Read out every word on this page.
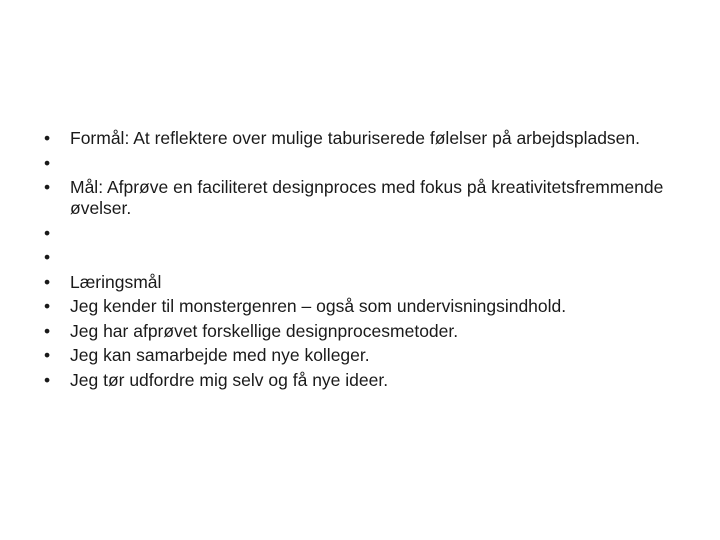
•	Formål: At reflektere over mulige taburiserede følelser på arbejdspladsen.
•
•	Mål: Afprøve en faciliteret designproces med fokus på kreativitetsfremmende øvelser.
•
•
•	Læringsmål
•	Jeg kender til monstergenren – også som undervisningsindhold.
•	Jeg har afprøvet forskellige designprocesmetoder.
•	Jeg kan samarbejde med nye kolleger.
•	Jeg tør udfordre mig selv og få nye ideer.
